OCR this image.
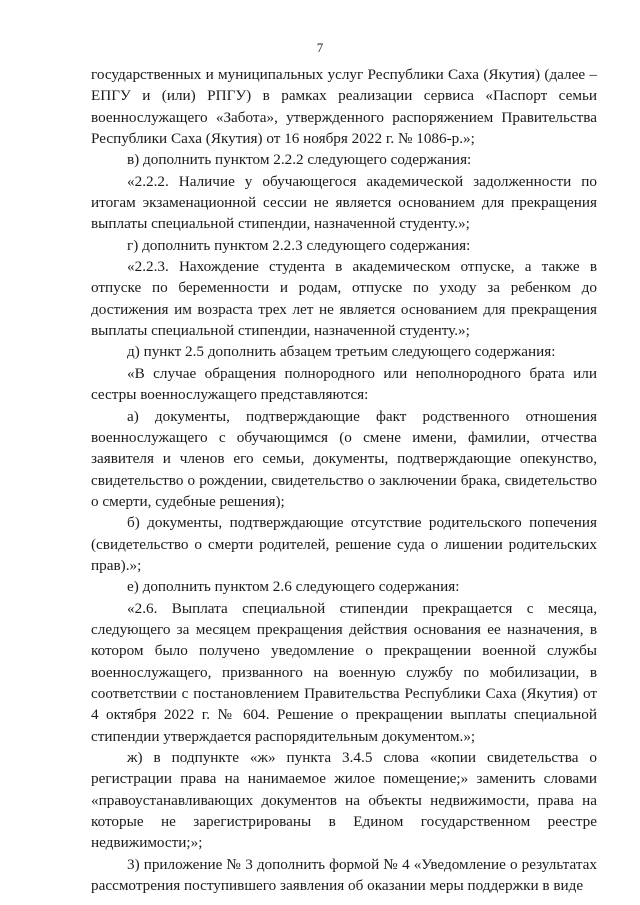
7

государственных и муниципальных услуг Республики Саха (Якутия) (далее – ЕПГУ и (или) РПГУ) в рамках реализации сервиса «Паспорт семьи военнослужащего «Забота», утвержденного распоряжением Правительства Республики Саха (Якутия) от 16 ноября 2022 г. № 1086-р.»;

в) дополнить пунктом 2.2.2 следующего содержания:

«2.2.2. Наличие у обучающегося академической задолженности по итогам экзаменационной сессии не является основанием для прекращения выплаты специальной стипендии, назначенной студенту.»;

г) дополнить пунктом 2.2.3 следующего содержания:

«2.2.3. Нахождение студента в академическом отпуске, а также в отпуске по беременности и родам, отпуске по уходу за ребенком до достижения им возраста трех лет не является основанием для прекращения выплаты специальной стипендии, назначенной студенту.»;

д) пункт 2.5 дополнить абзацем третьим следующего содержания:

«В случае обращения полнородного или неполнородного брата или сестры военнослужащего представляются:

а) документы, подтверждающие факт родственного отношения военнослужащего с обучающимся (о смене имени, фамилии, отчества заявителя и членов его семьи, документы, подтверждающие опекунство, свидетельство о рождении, свидетельство о заключении брака, свидетельство о смерти, судебные решения);

б) документы, подтверждающие отсутствие родительского попечения (свидетельство о смерти родителей, решение суда о лишении родительских прав).»;

е) дополнить пунктом 2.6 следующего содержания:

«2.6. Выплата специальной стипендии прекращается с месяца, следующего за месяцем прекращения действия основания ее назначения, в котором было получено уведомление о прекращении военной службы военнослужащего, призванного на военную службу по мобилизации, в соответствии с постановлением Правительства Республики Саха (Якутия) от 4 октября 2022 г. № 604. Решение о прекращении выплаты специальной стипендии утверждается распорядительным документом.»;

ж) в подпункте «ж» пункта 3.4.5 слова «копии свидетельства о регистрации права на нанимаемое жилое помещение;» заменить словами «правоустанавливающих документов на объекты недвижимости, права на которые не зарегистрированы в Едином государственном реестре недвижимости;»;

3) приложение № 3 дополнить формой № 4 «Уведомление о результатах рассмотрения поступившего заявления об оказании меры поддержки в виде
